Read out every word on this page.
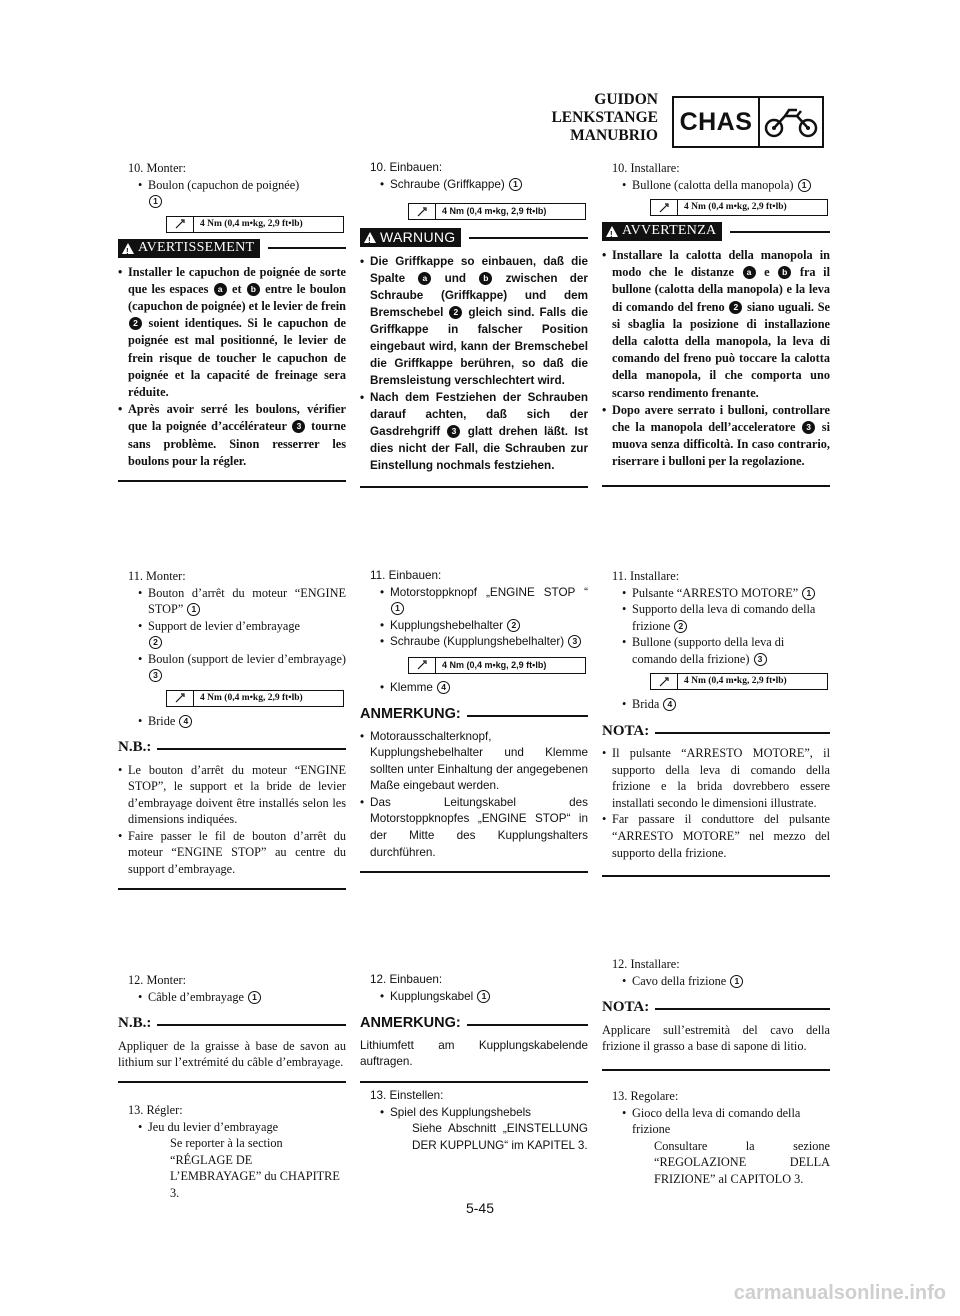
GUIDON
LENKSTANGE
MANUBRIO CHAS
10. Monter:
• Boulon (capuchon de poignée)
1
4 Nm (0,4 m•kg, 2,9 ft•lb)
!
AVERTISSEMENT
• Installer le capuchon de poignée de sorte que les espaces a et b entre le boulon (capuchon de poignée) et le levier de frein 2 soient identiques. Si le capuchon de poignée est mal positionné, le levier de frein risque de toucher le capuchon de poignée et la capacité de freinage sera réduite.
• Après avoir serré les boulons, vérifier que la poignée d’accélérateur 3 tourne sans problème. Sinon resserrer les boulons pour la régler.
11. Monter:
• Bouton d’arrêt du moteur “ENGINE STOP” 1
• Support de levier d’embrayage
2
• Boulon (support de levier d’embrayage) 3
4 Nm (0,4 m•kg, 2,9 ft•lb)
• Bride 4
N.B.:
• Le bouton d’arrêt du moteur “ENGINE STOP”, le support et la bride de levier d’embrayage doivent être installés selon les dimensions indiquées.
• Faire passer le fil de bouton d’arrêt du moteur “ENGINE STOP” au centre du support d’embrayage.
12. Monter:
• Câble d’embrayage 1
N.B.:
Appliquer de la graisse à base de savon au lithium sur l’extrémité du câble d’embrayage.
13. Régler:
• Jeu du levier d’embrayage
Se reporter à la section “RÉGLAGE DE L’EMBRAYAGE” du CHAPITRE 3.
10. Einbauen:
• Schraube (Griffkappe) 1
4 Nm (0,4 m•kg, 2,9 ft•lb)
!
WARNUNG
• Die Griffkappe so einbauen, daß die Spalte a und b zwischen der Schraube (Griffkappe) und dem Bremschebel 2 gleich sind. Falls die Griffkappe in falscher Position eingebaut wird, kann der Bremschebel die Griffkappe berühren, so daß die Bremsleistung verschlechtert wird.
• Nach dem Festziehen der Schrauben darauf achten, daß sich der Gasdrehgriff 3 glatt drehen läßt. Ist dies nicht der Fall, die Schrauben zur Einstellung nochmals festziehen.
11. Einbauen:
• Motorstoppknopf „ENGINE STOP “ 1
• Kupplungshebelhalter 2
• Schraube (Kupplungshebelhalter) 3
4 Nm (0,4 m•kg, 2,9 ft•lb)
• Klemme 4
ANMERKUNG:
• Motorausschalterknopf, Kupplungshebelhalter und Klemme sollten unter Einhaltung der angegebenen Maße eingebaut werden.
• Das Leitungskabel des Motorstoppknopfes „ENGINE STOP“ in der Mitte des Kupplungshalters durchführen.
12. Einbauen:
• Kupplungskabel 1
ANMERKUNG:
Lithiumfett am Kupplungskabelende auftragen.
13. Einstellen:
• Spiel des Kupplungshebels
Siehe Abschnitt „EINSTELLUNG DER KUPPLUNG“ im KAPITEL 3.
10. Installare:
• Bullone (calotta della manopola) 1
4 Nm (0,4 m•kg, 2,9 ft•lb)
!
AVVERTENZA
• Installare la calotta della manopola in modo che le distanze a e b fra il bullone (calotta della manopola) e la leva di comando del freno 2 siano uguali. Se si sbaglia la posizione di installazione della calotta della manopola, la leva di comando del freno può toccare la calotta della manopola, il che comporta uno scarso rendimento frenante.
• Dopo avere serrato i bulloni, controllare che la manopola dell’acceleratore 3 si muova senza difficoltà. In caso contrario, riserrare i bulloni per la regolazione.
11. Installare:
• Pulsante “ARRESTO MOTORE” 1
• Supporto della leva di comando della frizione 2
• Bullone (supporto della leva di comando della frizione) 3
4 Nm (0,4 m•kg, 2,9 ft•lb)
• Brida 4
NOTA:
• Il pulsante “ARRESTO MOTORE”, il supporto della leva di comando della frizione e la brida dovrebbero essere installati secondo le dimensioni illustrate.
• Far passare il conduttore del pulsante “ARRESTO MOTORE” nel mezzo del supporto della frizione.
12. Installare:
• Cavo della frizione 1
NOTA:
Applicare sull’estremità del cavo della frizione il grasso a base di sapone di litio.
13. Regolare:
• Gioco della leva di comando della frizione
Consultare la sezione “REGOLAZIONE DELLA FRIZIONE” al CAPITOLO 3.
5-45
carmanualsonline.info
